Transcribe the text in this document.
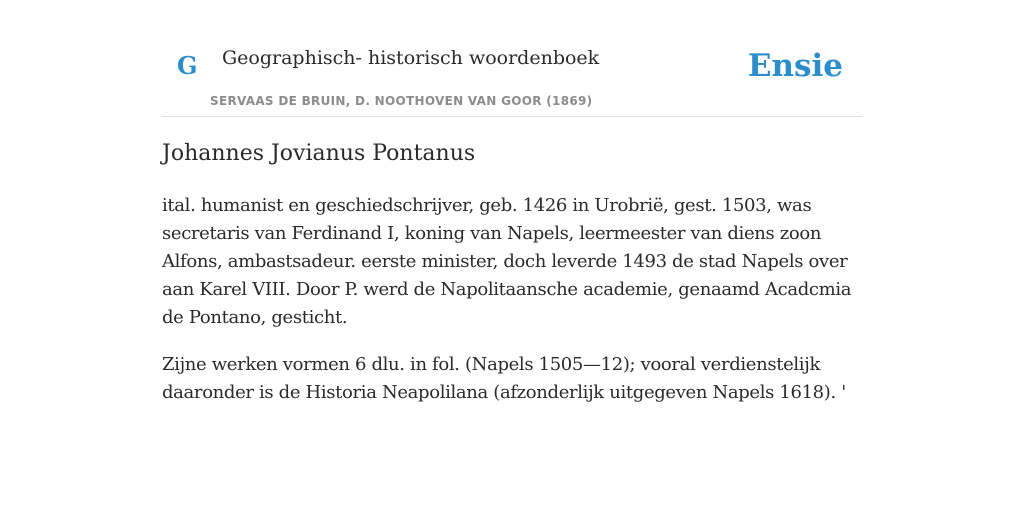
G Geographisch- historisch woordenboek
SERVAAS DE BRUIN, D. NOOTHOVEN VAN GOOR (1869)
Ensie
Johannes Jovianus Pontanus

ital. humanist en geschiedschrijver, geb. 1426 in Urobrië, gest. 1503, was secretaris van Ferdinand I, koning van Napels, leermeester van diens zoon Alfons, ambastsadeur. eerste minister, doch leverde 1493 de stad Napels over aan Karel VIII. Door P. werd de Napolitaansche academie, genaamd Acadcmia de Pontano, gesticht.

Zijne werken vormen 6 dlu. in fol. (Napels 1505—12); vooral verdienstelijk daaronder is de Historia Neapolilana (afzonderlijk uitgegeven Napels 1618). '
